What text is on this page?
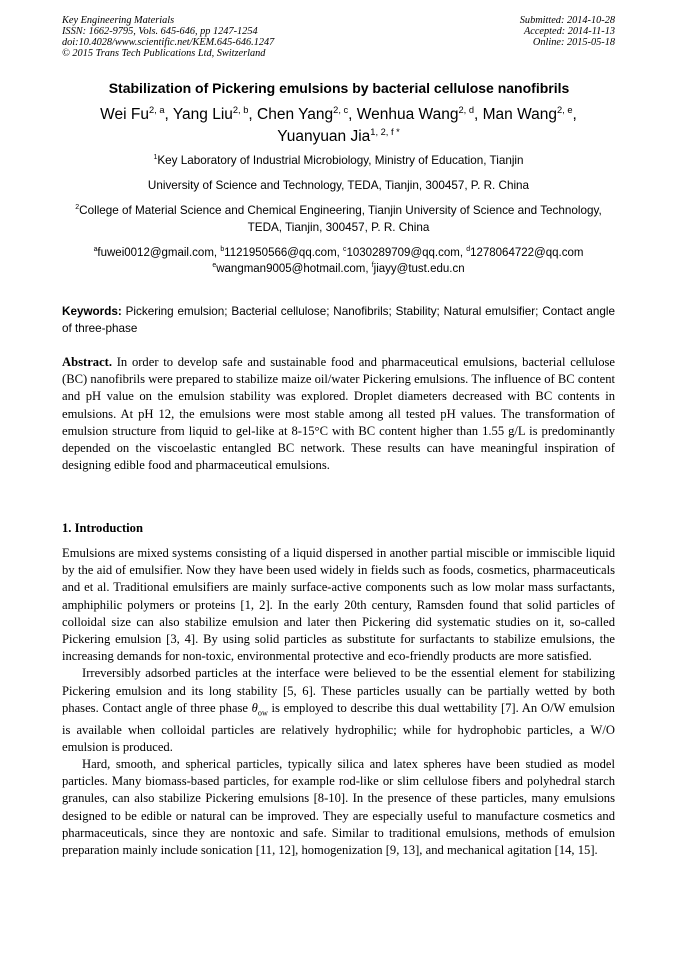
Key Engineering Materials
ISSN: 1662-9795, Vols. 645-646, pp 1247-1254
doi:10.4028/www.scientific.net/KEM.645-646.1247
© 2015 Trans Tech Publications Ltd, Switzerland
Submitted: 2014-10-28
Accepted: 2014-11-13
Online: 2015-05-18
Stabilization of Pickering emulsions by bacterial cellulose nanofibrils
Wei Fu$^{2, a}$, Yang Liu$^{2, b}$, Chen Yang$^{2, c}$, Wenhua Wang$^{2, d}$, Man Wang$^{2, e}$,
Yuanyuan Jia$^{1, 2, f *}$
$^1$Key Laboratory of Industrial Microbiology, Ministry of Education, Tianjin
University of Science and Technology, TEDA, Tianjin, 300457, P. R. China
$^2$College of Material Science and Chemical Engineering, Tianjin University of Science and Technology, TEDA, Tianjin, 300457, P. R. China
$^a$fuwei0012@gmail.com, $^b$1121950566@qq.com, $^c$1030289709@qq.com, $^d$1278064722@qq.com
$^e$wangman9005@hotmail.com, $^f$jiayy@tust.edu.cn
Keywords: Pickering emulsion; Bacterial cellulose; Nanofibrils; Stability; Natural emulsifier; Contact angle of three-phase
Abstract. In order to develop safe and sustainable food and pharmaceutical emulsions, bacterial cellulose (BC) nanofibrils were prepared to stabilize maize oil/water Pickering emulsions. The influence of BC content and pH value on the emulsion stability was explored. Droplet diameters decreased with BC contents in emulsions. At pH 12, the emulsions were most stable among all tested pH values. The transformation of emulsion structure from liquid to gel-like at 8-15°C with BC content higher than 1.55 g/L is predominantly depended on the viscoelastic entangled BC network. These results can have meaningful inspiration of designing edible food and pharmaceutical emulsions.
1. Introduction

Emulsions are mixed systems consisting of a liquid dispersed in another partial miscible or immiscible liquid by the aid of emulsifier. Now they have been used widely in fields such as foods, cosmetics, pharmaceuticals and et al. Traditional emulsifiers are mainly surface-active components such as low molar mass surfactants, amphiphilic polymers or proteins [1, 2]. In the early 20th century, Ramsden found that solid particles of colloidal size can also stabilize emulsion and later then Pickering did systematic studies on it, so-called Pickering emulsion [3, 4]. By using solid particles as substitute for surfactants to stabilize emulsions, the increasing demands for non-toxic, environmental protective and eco-friendly products are more satisfied.

Irreversibly adsorbed particles at the interface were believed to be the essential element for stabilizing Pickering emulsion and its long stability [5, 6]. These particles usually can be partially wetted by both phases. Contact angle of three phase $\theta_{ow}$ is employed to describe this dual wettability [7]. An O/W emulsion is available when colloidal particles are relatively hydrophilic; while for hydrophobic particles, a W/O emulsion is produced.

Hard, smooth, and spherical particles, typically silica and latex spheres have been studied as model particles. Many biomass-based particles, for example rod-like or slim cellulose fibers and polyhedral starch granules, can also stabilize Pickering emulsions [8-10]. In the presence of these particles, many emulsions designed to be edible or natural can be improved. They are especially useful to manufacture cosmetics and pharmaceuticals, since they are nontoxic and safe. Similar to traditional emulsions, methods of emulsion preparation mainly include sonication [11, 12], homogenization [9, 13], and mechanical agitation [14, 15].
